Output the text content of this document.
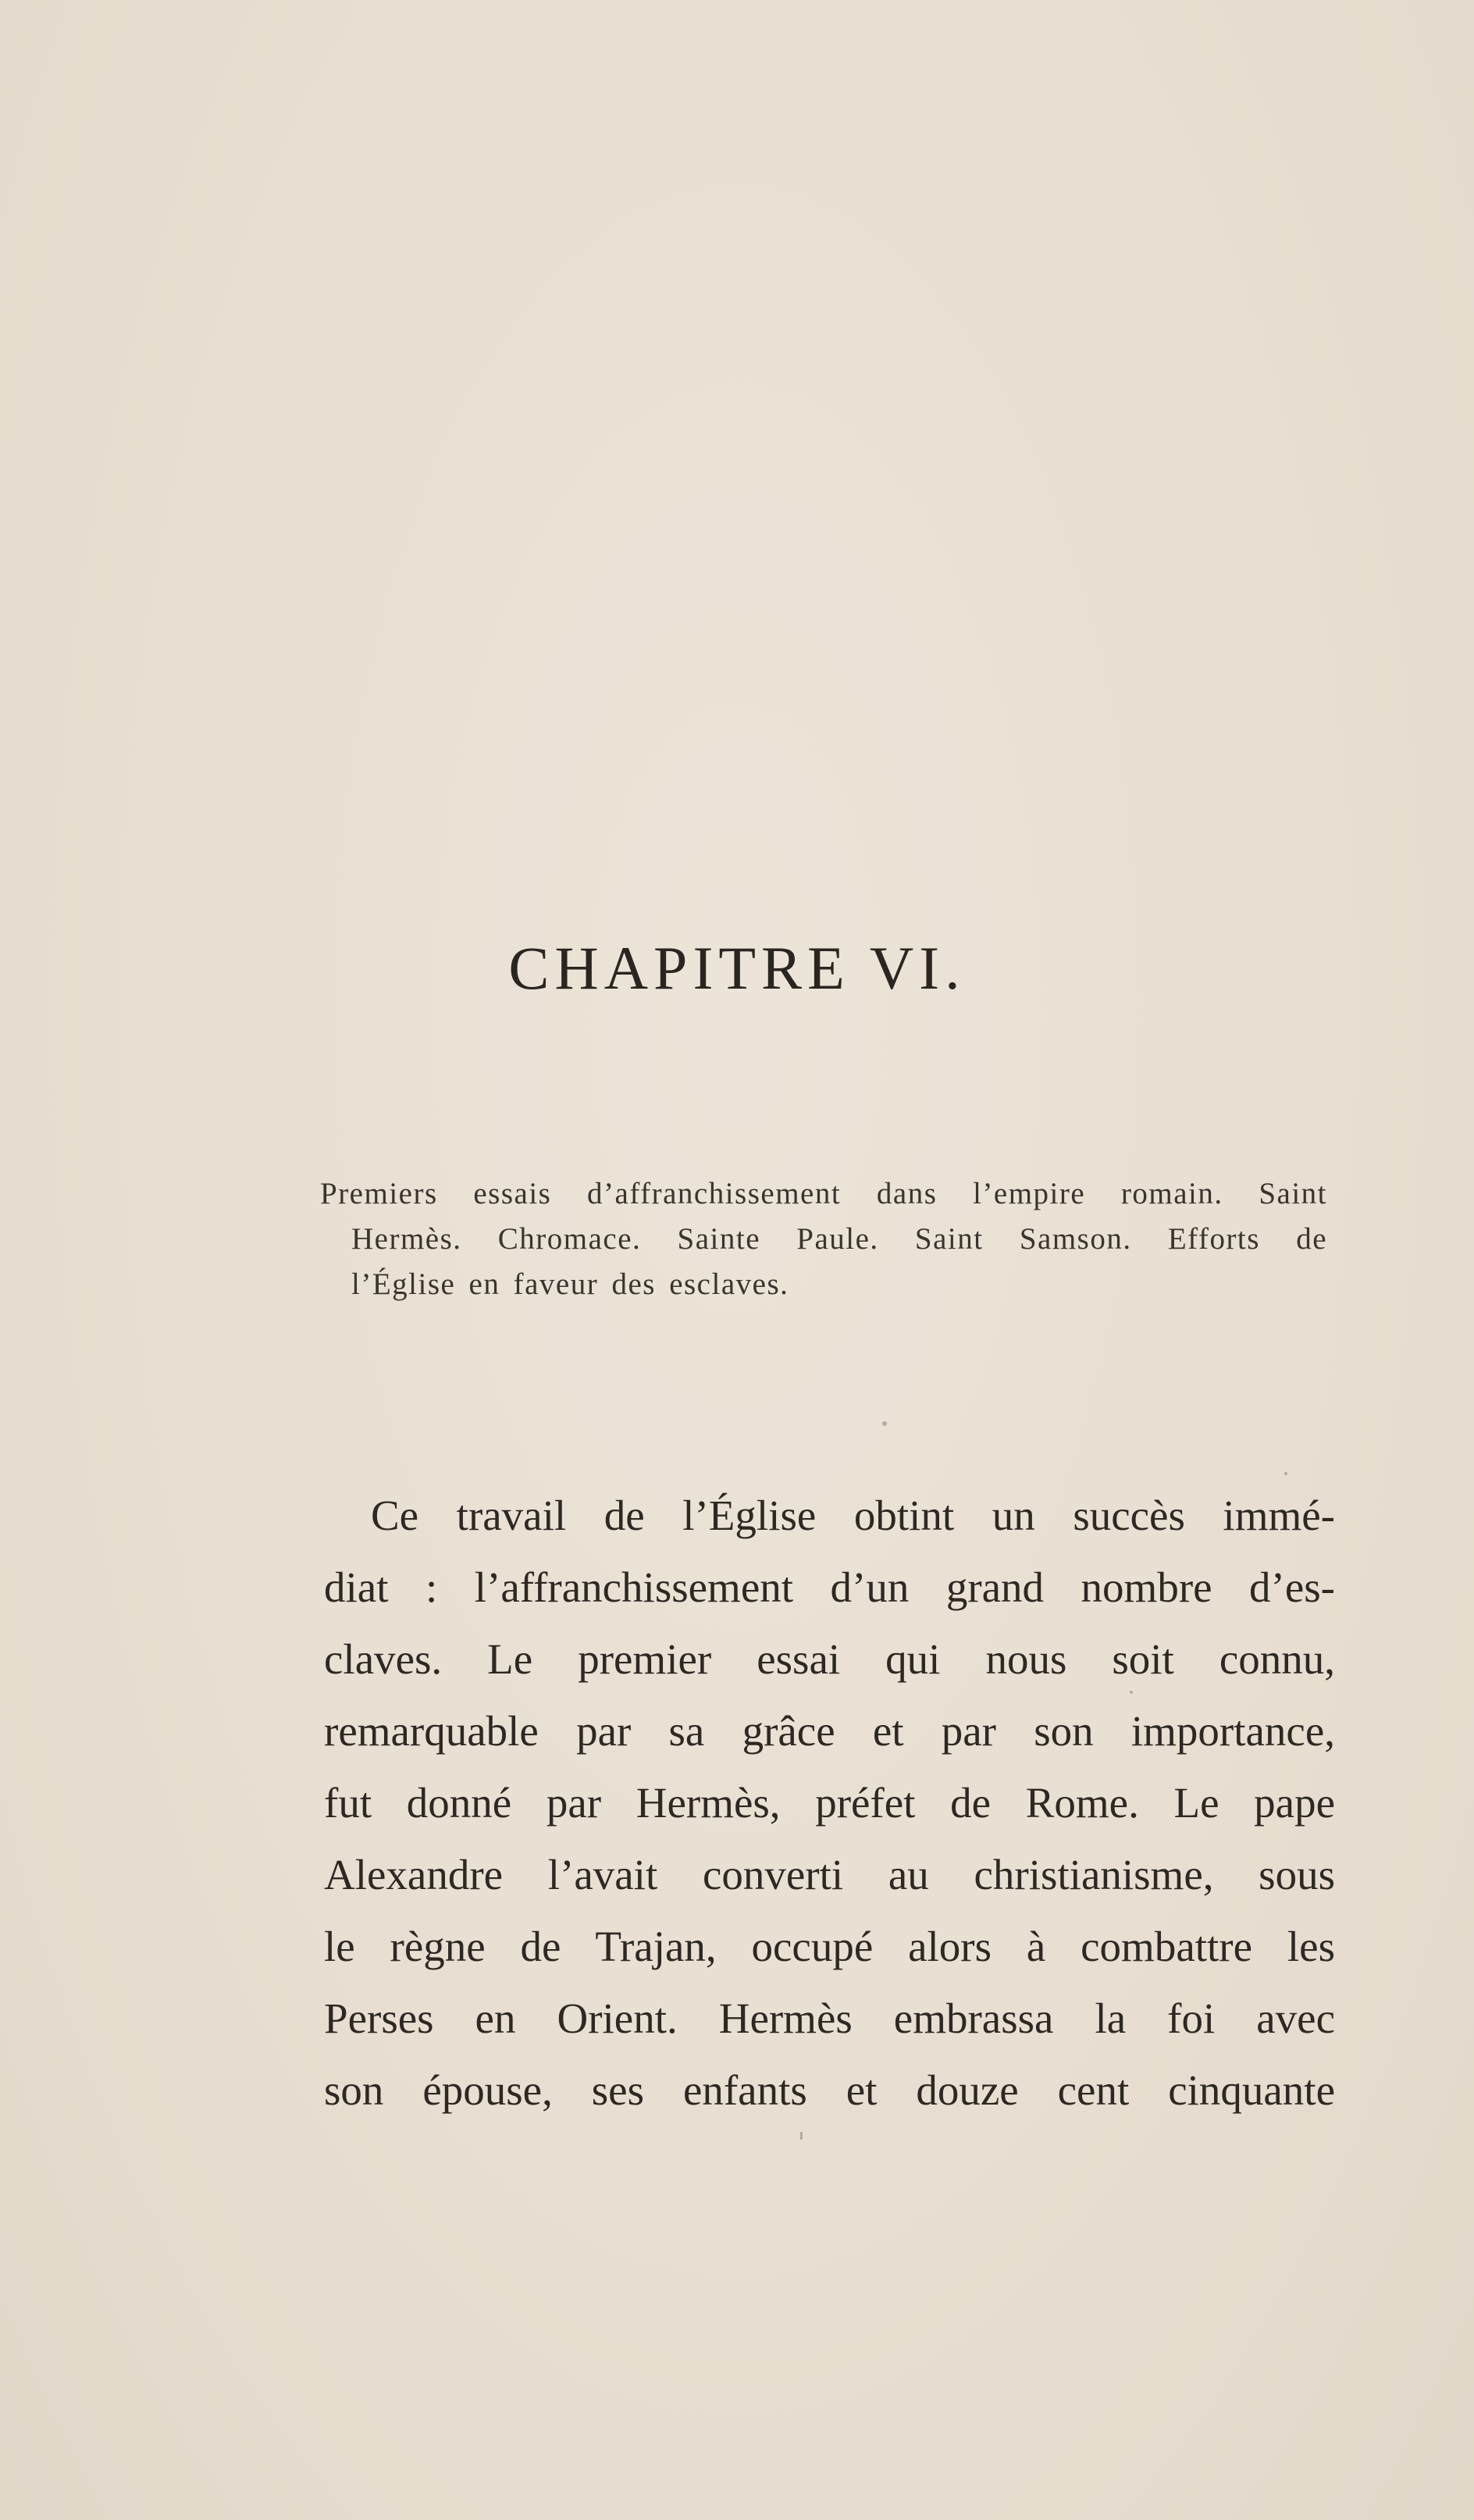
CHAPITRE VI.
Premiers essais d’affranchissement dans l’empire romain. Saint
Hermès. Chromace. Sainte Paule. Saint Samson. Efforts de
l’Église en faveur des esclaves.
Ce travail de l’Église obtint un succès immé-
diat : l’affranchissement d’un grand nombre d’es-
claves. Le premier essai qui nous soit connu,
remarquable par sa grâce et par son importance,
fut donné par Hermès, préfet de Rome. Le pape
Alexandre l’avait converti au christianisme, sous
le règne de Trajan, occupé alors à combattre les
Perses en Orient. Hermès embrassa la foi avec
son épouse, ses enfants et douze cent cinquante
